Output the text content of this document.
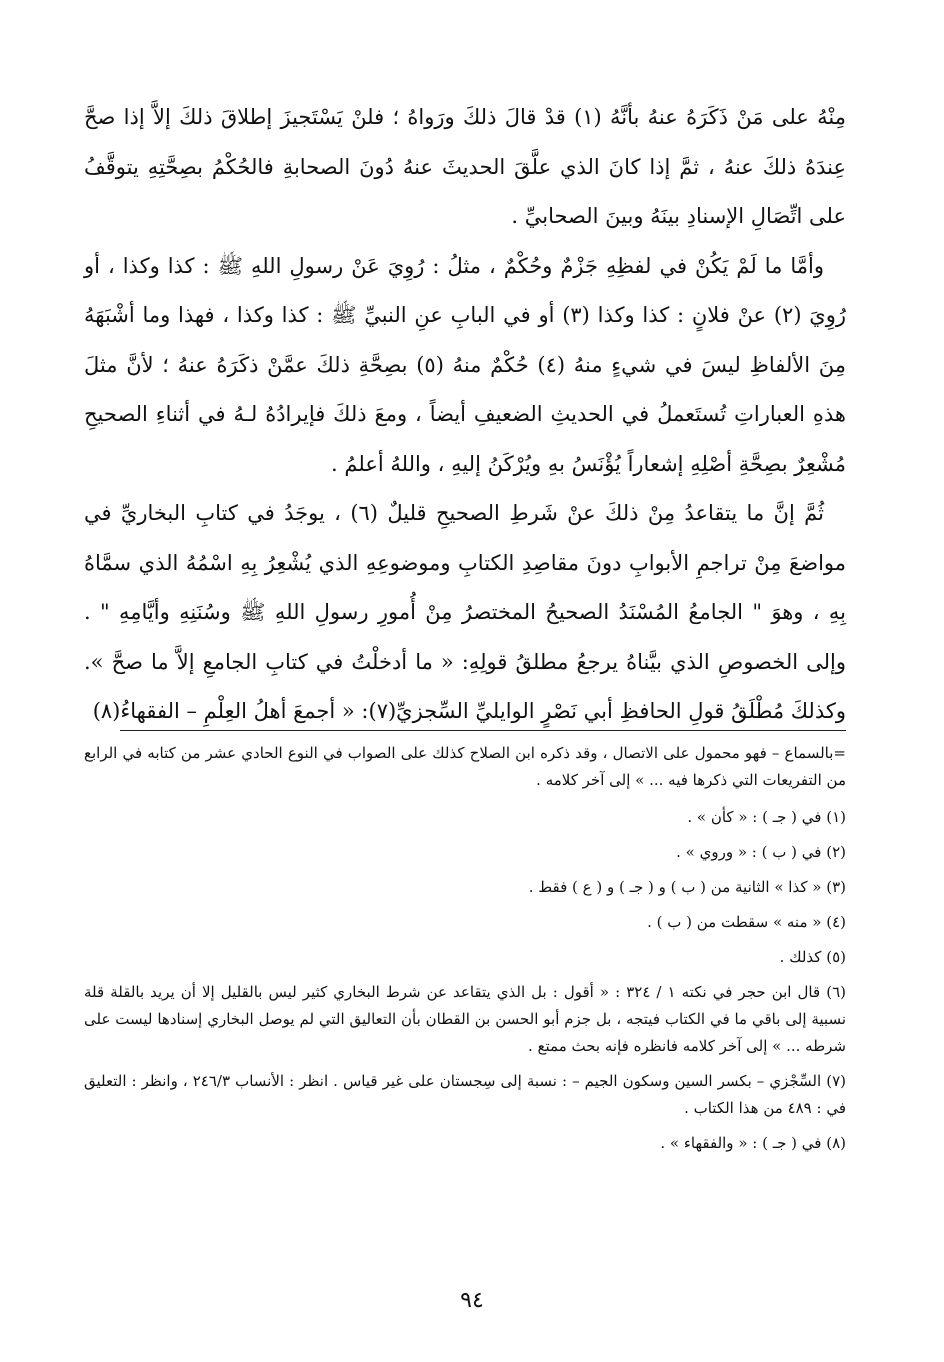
مِنْهُ على مَنْ ذَكَرَهُ عنهُ بأنَّهُ (١) قدْ قالَ ذلكَ ورَواهُ ؛ فلنْ يَسْتَجيزَ إطلاقَ ذلكَ إلاَّ إذا صحَّ عِندَهُ ذلكَ عنهُ ، ثمَّ إذا كانَ الذي علَّقَ الحديثَ عنهُ دُونَ الصحابةِ فالحُكْمُ بصِحَّتِهِ يتوقَّفُ على اتِّصَالِ الإسنادِ بينَهُ وبينَ الصحابيِّ .

وأمَّا ما لَمْ يَكُنْ في لفظِهِ جَزْمٌ وحُكْمٌ ، مثلُ : رُوِيَ عَنْ رسولِ اللهِ ﷺ : كذا وكذا ، أو رُوِيَ (٢) عنْ فلانٍ : كذا وكذا (٣) أو في البابِ عنِ النبيِّ ﷺ : كذا وكذا ، فهذا وما أشْبَهَهُ مِنَ الألفاظِ ليسَ في شيءٍ منهُ (٤) حُكْمٌ منهُ (٥) بصِحَّةِ ذلكَ عمَّنْ ذكَرَهُ عنهُ ؛ لأنَّ مثلَ هذهِ العباراتِ تُستَعملُ في الحديثِ الضعيفِ أيضاً ، ومعَ ذلكَ فإيرادُهُ لـهُ في أثناءِ الصحيحِ مُشْعِرٌ بصِحَّةِ أصْلِهِ إشعاراً يُؤْنَسُ بهِ ويُرْكَنُ إليهِ ، واللهُ أعلمُ .

ثُمَّ إنَّ ما يتقاعدُ مِنْ ذلكَ عنْ شَرطِ الصحيحِ قليلٌ (٦) ، يوجَدُ في كتابِ البخاريِّ في مواضعَ مِنْ تراجمِ الأبوابِ دونَ مقاصِدِ الكتابِ وموضوعِهِ الذي يُشْعِرُ بِهِ اسْمُهُ الذي سمَّاهُ بِهِ ، وهوَ " الجامعُ المُسْنَدُ الصحيحُ المختصرُ مِنْ أُمورِ رسولِ اللهِ ﷺ وسُنَنِهِ وأيَّامِهِ " . وإلى الخصوصِ الذي بيَّناهُ يرجعُ مطلقُ قولِهِ: « ما أدخلْتُ في كتابِ الجامعِ إلاَّ ما صحَّ ». وكذلكَ مُطْلَقُ قولِ الحافظِ أبي نَصْرٍ الوايليِّ السِّجزيِّ(٧): « أجمعَ أهلُ العِلْمِ – الفقهاءُ(٨)

=بالسماع – فهو محمول على الاتصال ، وقد ذكره ابن الصلاح كذلك على الصواب في النوع الحادي عشر من كتابه في الرابع من التفريعات التي ذكرها فيه ... » إلى آخر كلامه .
(١) في ( جـ ) : « كأن » .
(٢) في ( ب ) : « وروي » .
(٣) « كذا » الثانية من ( ب ) و ( جـ ) و ( ع ) فقط .
(٤) « منه » سقطت من ( ب ) .
(٥) كذلك .
(٦) قال ابن حجر في نكته ١ / ٣٢٤ : « أقول : بل الذي يتقاعد عن شرط البخاري كثير ليس بالقليل إلا أن يريد بالقلة قلة نسبية إلى باقي ما في الكتاب فيتجه ، بل جزم أبو الحسن بن القطان بأن التعاليق التي لم يوصل البخاري إسنادها ليست على شرطه ... » إلى آخر كلامه فانظره فإنه بحث ممتع .
(٧) السِّجْزي – بكسر السين وسكون الجيم – : نسبة إلى سِجستان على غير قياس . انظر : الأنساب ٢٤٦/٣ ، وانظر : التعليق في : ٤٨٩ من هذا الكتاب .
(٨) في ( جـ ) : « والفقهاء » .
٩٤
